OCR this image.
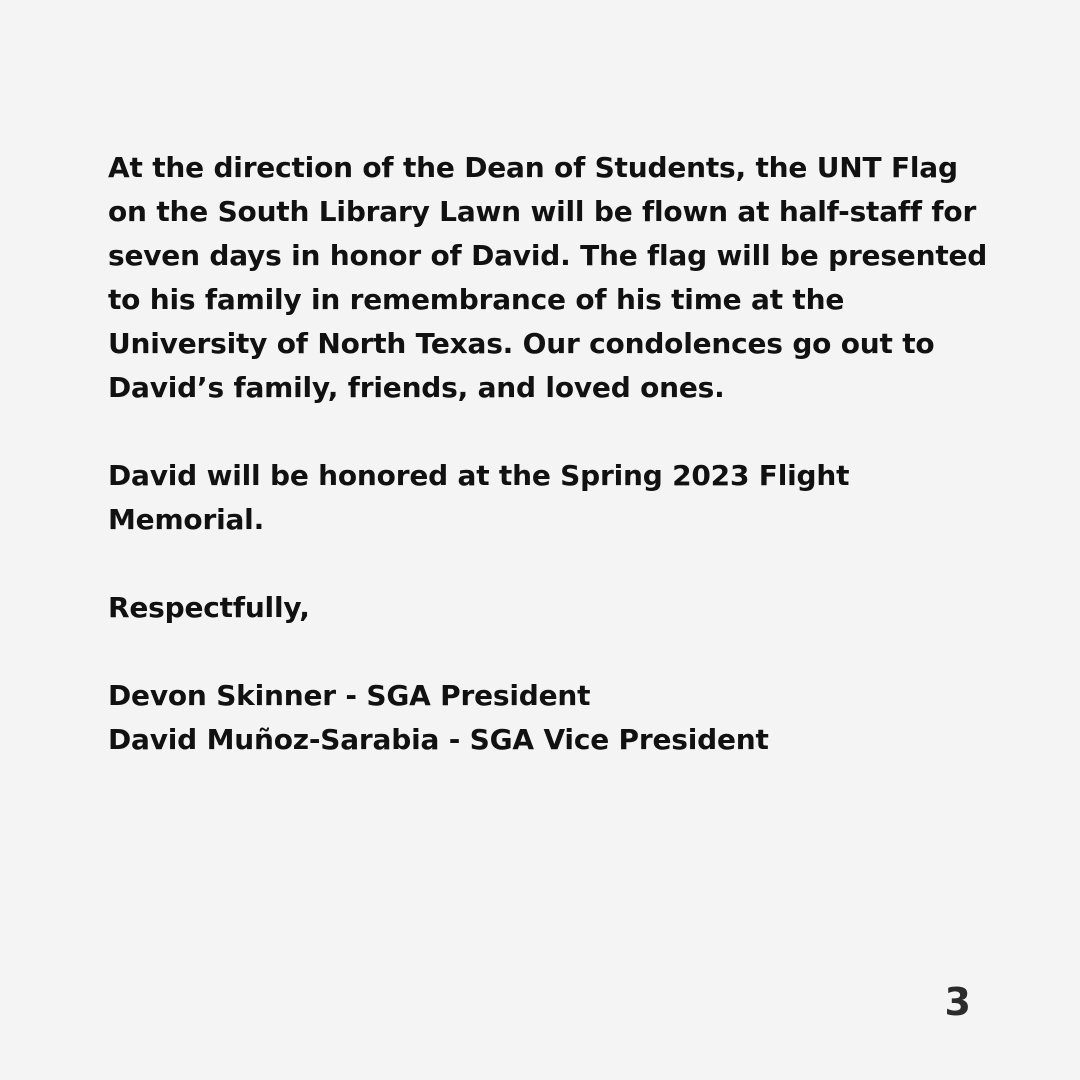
At the direction of the Dean of Students, the UNT Flag
on the South Library Lawn will be flown at half-staff for
seven days in honor of David. The flag will be presented
to his family in remembrance of his time at the
University of North Texas. Our condolences go out to
David’s family, friends, and loved ones.
David will be honored at the Spring 2023 Flight
Memorial.
Respectfully,
Devon Skinner - SGA President
David Muñoz-Sarabia - SGA Vice President
3
